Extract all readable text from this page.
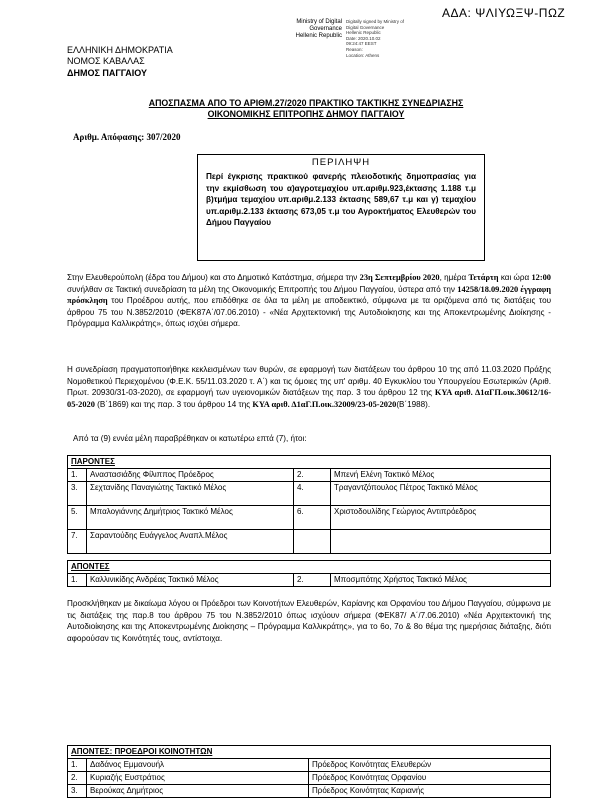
ΑΔΑ: ΨΛΙΥΩΞΨ-ΠΩΖ
Ministry of Digital
Governance
Hellenic Republic
Digitally signed by Ministry of
Digital Governance
Hellenic Republic
Date: 2020.10.02
09:24:47 EEST
Reason:
Location: Athens
ΕΛΛΗΝΙΚΗ ΔΗΜΟΚΡΑΤΙΑ
ΝΟΜΟΣ ΚΑΒΑΛΑΣ
ΔΗΜΟΣ ΠΑΓΓΑΙΟΥ
ΑΠΟΣΠΑΣΜΑ ΑΠΟ ΤΟ ΑΡΙΘΜ.27/2020 ΠΡΑΚΤΙΚΟ ΤΑΚΤΙΚΗΣ ΣΥΝΕΔΡΙΑΣΗΣ
ΟΙΚΟΝΟΜΙΚΗΣ ΕΠΙΤΡΟΠΗΣ ΔΗΜΟΥ ΠΑΓΓΑΙΟΥ
Αριθμ. Απόφασης: 307/2020
ΠΕΡΙΛΗΨΗ
Περί έγκρισης πρακτικού φανερής πλειοδοτικής δημοπρασίας για την εκμίσθωση του α)αγροτεμαχίου υπ.αριθμ.923,έκτασης 1.188 τ.μ β)τμήμα τεμαχίου υπ.αριθμ.2.133 έκτασης 589,67 τ.μ και γ) τεμαχίου υπ.αριθμ.2.133 έκτασης 673,05 τ.μ του Αγροκτήματος Ελευθερών του Δήμου Παγγαίου
Στην Ελευθερούπολη (έδρα του Δήμου) και στο Δημοτικό Κατάστημα, σήμερα την 23η Σεπτεμβρίου 2020, ημέρα Τετάρτη και ώρα 12:00 συνήλθαν σε Τακτική συνεδρίαση τα μέλη της Οικονομικής Επιτροπής του Δήμου Παγγαίου, ύστερα από την 14258/18.09.2020 έγγραφη πρόσκληση του Προέδρου αυτής, που επιδόθηκε σε όλα τα μέλη με αποδεικτικό, σύμφωνα με τα οριζόμενα από τις διατάξεις του άρθρου 75 του Ν.3852/2010 (ΦΕΚ87Α΄/07.06.2010) - «Νέα Αρχιτεκτονική της Αυτοδιοίκησης και της Αποκεντρωμένης Διοίκησης - Πρόγραμμα Καλλικράτης», όπως ισχύει σήμερα.
Η συνεδρίαση πραγματοποιήθηκε κεκλεισμένων των θυρών, σε εφαρμογή των διατάξεων του άρθρου 10 της από 11.03.2020 Πράξης Νομοθετικού Περιεχομένου (Φ.Ε.Κ. 55/11.03.2020 τ. Α΄) και τις όμοιες της υπ' αριθμ. 40 Εγκυκλίου του Υπουργείου Εσωτερικών (Αριθ. Πρωτ. 20930/31-03-2020), σε εφαρμογή των υγειονομικών διατάξεων της παρ. 3 του άρθρου 12 της ΚΥΑ αριθ. Δ1αΓΠ.οικ.30612/16-05-2020 (Β΄1869) και της παρ. 3 του άρθρου 14 της ΚΥΑ αριθ. Δ1αΓ.Π.οικ.32009/23-05-2020(Β΄1988).
Από τα (9) εννέα μέλη παραβρέθηκαν οι κατωτέρω επτά (7), ήτοι:
ΠΑΡΟΝΤΕΣ			
1.	Αναστασιάδης Φίλιππος Πρόεδρος	2.	Μπενή Ελένη Τακτικό Μέλος
3.	Σεχτανίδης Παναγιώτης Τακτικό Μέλος	4.	Τραγαντζόπουλος Πέτρος Τακτικό Μέλος
5.	Μπαλογιάννης Δημήτριος Τακτικό Μέλος	6.	Χριστοδουλίδης Γεώργιος Αντιπρόεδρος
7.	Σαραντούδης Ευάγγελος Αναπλ.Μέλος		
ΑΠΟΝΤΕΣ
1.	Καλλινικίδης Ανδρέας Τακτικό Μέλος	2.	Μποσμπότης Χρήστος Τακτικό Μέλος
Προσκλήθηκαν με δικαίωμα λόγου οι Πρόεδροι των Κοινοτήτων Ελευθερών, Καρίανης και Ορφανίου του Δήμου Παγγαίου, σύμφωνα με τις διατάξεις της παρ.8 του άρθρου 75 του Ν.3852/2010 όπως ισχύουν σήμερα (ΦΕΚ87/ Α΄/7.06.2010) «Νέα Αρχιτεκτονική της Αυτοδιοίκησης και της Αποκεντρωμένης Διοίκησης – Πρόγραμμα Καλλικράτης», για το 6ο, 7ο & 8ο θέμα της ημερήσιας διάταξης, διότι αφορούσαν τις Κοινότητές τους, αντίστοιχα.
ΑΠΟΝΤΕΣ: ΠΡΟΕΔΡΟΙ ΚΟΙΝΟΤΗΤΩΝ		
1.	Δαδάνος Εμμανουήλ	Πρόεδρος Κοινότητας Ελευθερών
2.	Κυριαζής Ευστράτιος	Πρόεδρος Κοινότητας Ορφανίου
3.	Βερούκας Δημήτριος	Πρόεδρος Κοινότητας Καριανής
